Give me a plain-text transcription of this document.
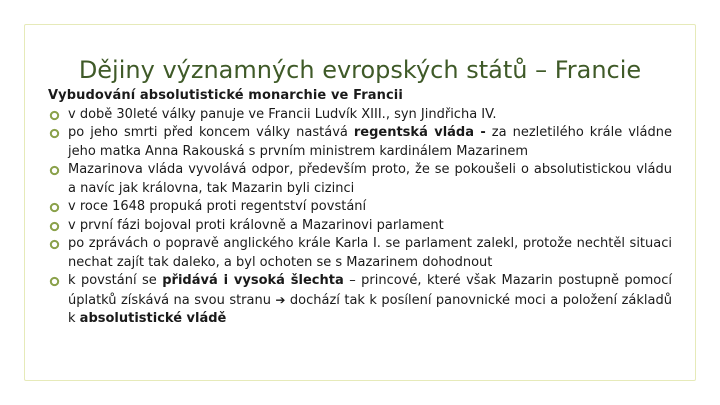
Dějiny významných evropských států – Francie
Vybudování absolutistické monarchie ve Francii
v době 30leté války panuje ve Francii Ludvík XIII., syn Jindřicha IV.
po jeho smrti před koncem války nastává regentská vláda - za nezletilého krále vládne jeho matka Anna Rakouská s prvním ministrem kardinálem Mazarinem
Mazarinova vláda vyvolává odpor, především proto, že se pokoušeli o absolutistickou vládu a navíc jak královna, tak Mazarin byli cizinci
v roce 1648 propuká proti regentství povstání
v první fázi bojoval proti královně a Mazarinovi parlament
po zprávách o popravě anglického krále Karla I. se parlament zalekl, protože nechtěl situaci nechat zajít tak daleko, a byl ochoten se s Mazarinem dohodnout
k povstání se přidává i vysoká šlechta – princové, které však Mazarin postupně pomocí úplatků získává na svou stranu ➔ dochází tak k posílení panovnické moci a položení základů k absolutistické vládě
